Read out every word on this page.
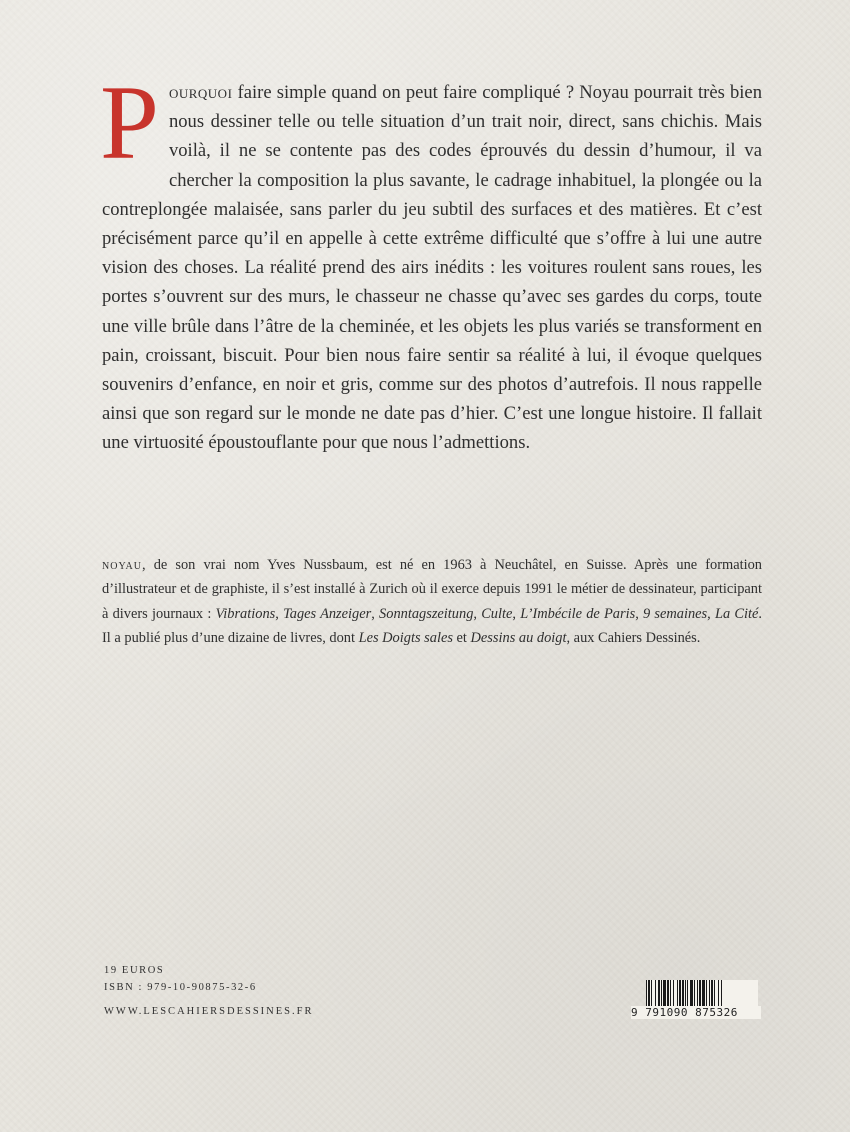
Pourquoi faire simple quand on peut faire compliqué ? Noyau pourrait très bien nous dessiner telle ou telle situation d’un trait noir, direct, sans chichis. Mais voilà, il ne se contente pas des codes éprouvés du dessin d’humour, il va chercher la composition la plus savante, le cadrage inhabituel, la plongée ou la contreplongée malaisée, sans parler du jeu subtil des surfaces et des matières. Et c’est précisément parce qu’il en appelle à cette extrême difficulté que s’offre à lui une autre vision des choses. La réalité prend des airs inédits : les voitures roulent sans roues, les portes s’ouvrent sur des murs, le chasseur ne chasse qu’avec ses gardes du corps, toute une ville brûle dans l’âtre de la cheminée, et les objets les plus variés se transforment en pain, croissant, biscuit. Pour bien nous faire sentir sa réalité à lui, il évoque quelques souvenirs d’enfance, en noir et gris, comme sur des photos d’autrefois. Il nous rappelle ainsi que son regard sur le monde ne date pas d’hier. C’est une longue histoire. Il fallait une virtuosité époustouflante pour que nous l’admettions.
noyau, de son vrai nom Yves Nussbaum, est né en 1963 à Neuchâtel, en Suisse. Après une formation d’illustrateur et de graphiste, il s’est installé à Zurich où il exerce depuis 1991 le métier de dessinateur, participant à divers journaux : Vibrations, Tages Anzeiger, Sonntagszeitung, Culte, L’Imbécile de Paris, 9 semaines, La Cité. Il a publié plus d’une dizaine de livres, dont Les Doigts sales et Dessins au doigt, aux Cahiers Dessinés.
19 EUROS
ISBN : 979-10-90875-32-6
WWW.LESCAHIERSDESSINES.FR	9 791090 875326
